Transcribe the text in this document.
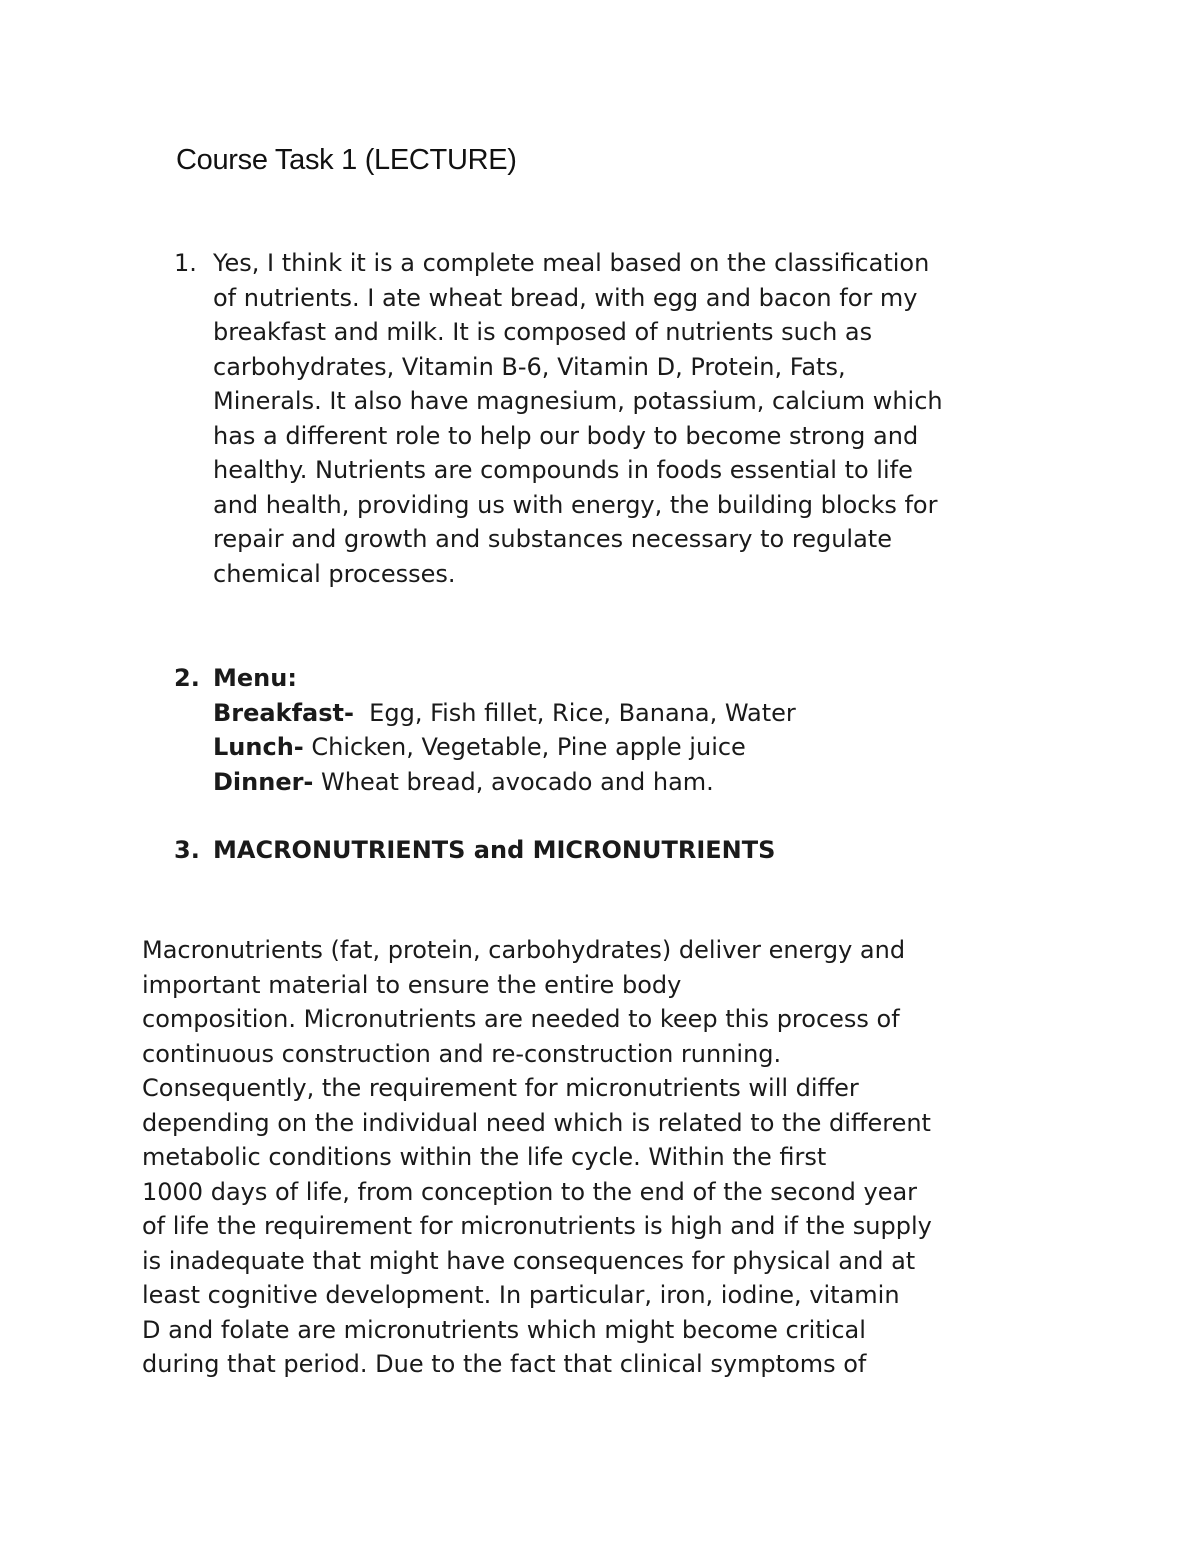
Course Task 1 (LECTURE)
1. Yes, I think it is a complete meal based on the classification
of nutrients. I ate wheat bread, with egg and bacon for my
breakfast and milk. It is composed of nutrients such as
carbohydrates, Vitamin B-6, Vitamin D, Protein, Fats,
Minerals. It also have magnesium, potassium, calcium which
has a different role to help our body to become strong and
healthy. Nutrients are compounds in foods essential to life
and health, providing us with energy, the building blocks for
repair and growth and substances necessary to regulate
chemical processes.
2. Menu:
Breakfast-  Egg, Fish fillet, Rice, Banana, Water
Lunch- Chicken, Vegetable, Pine apple juice
Dinner- Wheat bread, avocado and ham.
3. MACRONUTRIENTS and MICRONUTRIENTS
Macronutrients (fat, protein, carbohydrates) deliver energy and
important material to ensure the entire body
composition. Micronutrients are needed to keep this process of
continuous construction and re-construction running.
Consequently, the requirement for micronutrients will differ
depending on the individual need which is related to the different
metabolic conditions within the life cycle. Within the first
1000 days of life, from conception to the end of the second year
of life the requirement for micronutrients is high and if the supply
is inadequate that might have consequences for physical and at
least cognitive development. In particular, iron, iodine, vitamin
D and folate are micronutrients which might become critical
during that period. Due to the fact that clinical symptoms of
